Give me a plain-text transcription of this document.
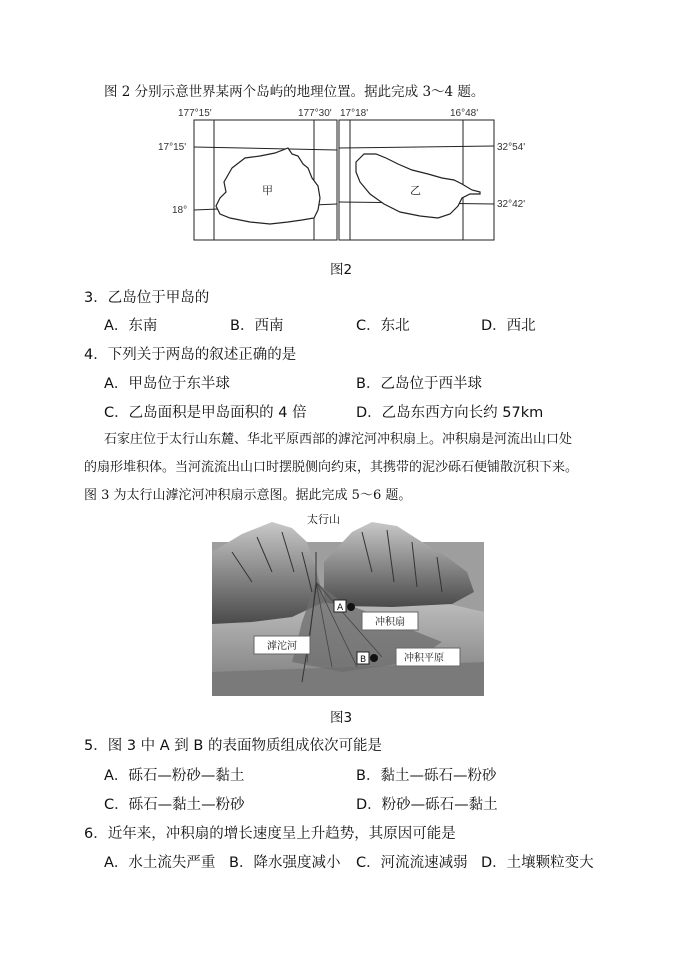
图 2 分别示意世界某两个岛屿的地理位置。据此完成 3～4 题。
177°15'	177°30'
17°15'
18°
甲
17°18'	16°48'
32°54'
32°42'
乙
图2
3．乙岛位于甲岛的
A．东南	B．西南	C．东北	D．西北
4．下列关于两岛的叙述正确的是
A．甲岛位于东半球	B．乙岛位于西半球
C．乙岛面积是甲岛面积的 4 倍	D．乙岛东西方向长约 57km
石家庄位于太行山东麓、华北平原西部的滹沱河冲积扇上。冲积扇是河流出山口处
的扇形堆积体。当河流流出山口时摆脱侧向约束，其携带的泥沙砾石便铺散沉积下来。
图 3 为太行山滹沱河冲积扇示意图。据此完成 5～6 题。
太行山
冲积扇
滹沱河
冲积平原
A
B
图3
5．图 3 中 A 到 B 的表面物质组成依次可能是
A．砾石—粉砂—黏土	B．黏土—砾石—粉砂
C．砾石—黏土—粉砂	D．粉砂—砾石—黏土
6．近年来，冲积扇的增长速度呈上升趋势，其原因可能是
A．水土流失严重 B．降水强度减小 C．河流流速减弱 D．土壤颗粒变大
